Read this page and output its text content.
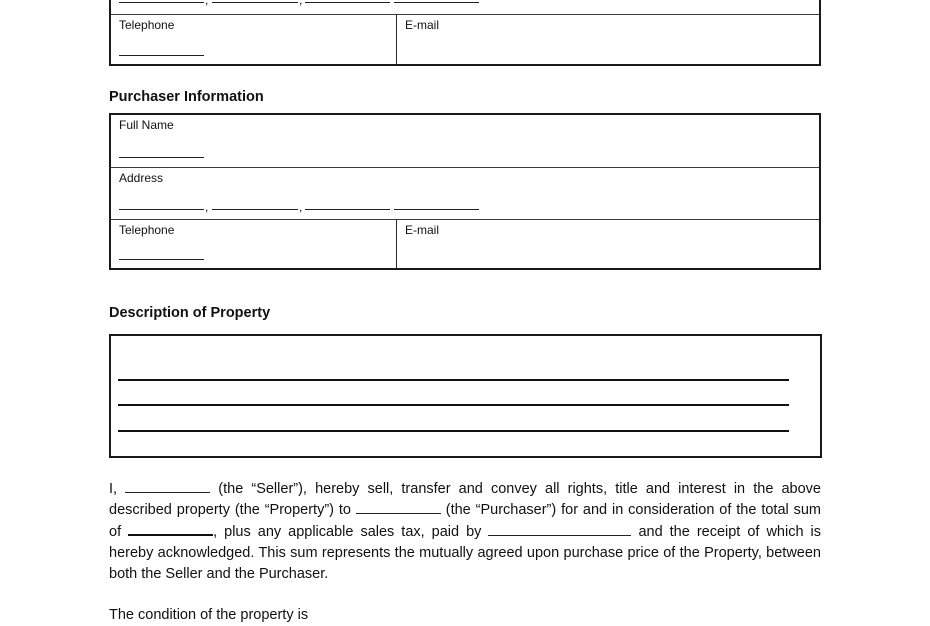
,	,
Telephone	E-mail
Purchaser Information
Full Name
Address
,	,
Telephone	E-mail
Description of Property
I,	(the “Seller”), hereby sell, transfer and convey all rights, title and interest in the above described property (the “Property”) to	(the “Purchaser”) for and in consideration of the total sum of	, plus any applicable sales tax, paid by	and the receipt of which is hereby acknowledged. This sum represents the mutually agreed upon purchase price of the Property, between both the Seller and the Purchaser.
The condition of the property is
